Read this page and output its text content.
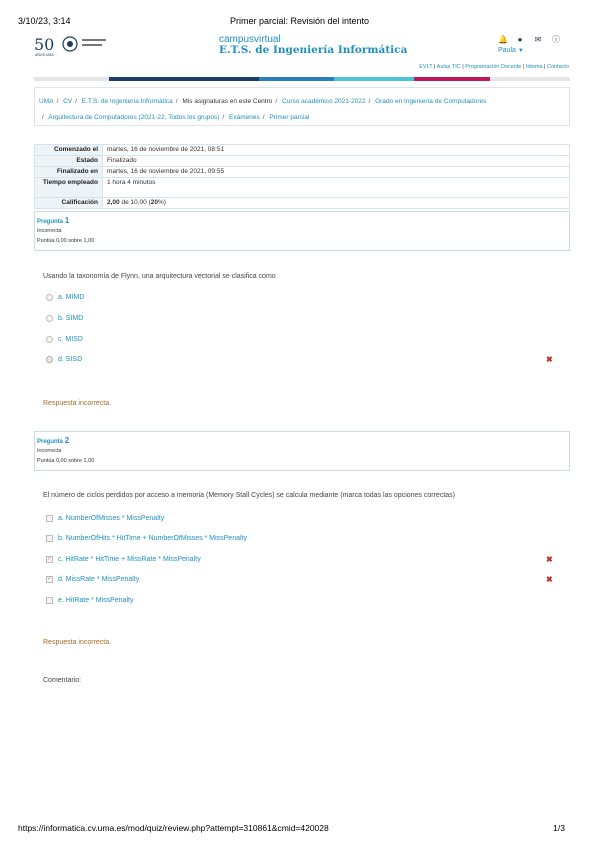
3/10/23, 3:14	Primer parcial: Revisión del intento
50
AÑOS UMA
campusvirtual
E.T.S. de Ingeniería Informática
🔔 ● ✉ ⓘ
Paula ▼
EVLT | Aulas TIC | Programación Docente | Idioma | Contacto
UMA / CV / E.T.S. de Ingeniería Informática / Mis asignaturas en este Centro / Curso académico 2021-2022 / Grado en Ingeniería de Computadores
/ Arquitectura de Computadores (2021-22, Todos los grupos) / Exámenes / Primer parcial
Comenzado el	martes, 16 de noviembre de 2021, 08:51
Estado	Finalizado
Finalizado en	martes, 16 de noviembre de 2021, 09:55
Tiempo empleado	1 hora 4 minutos
Calificación	2,00 de 10,00 (20%)
Pregunta 1
Incorrecta
Puntúa 0,00 sobre 1,00
Usando la taxonomía de Flynn, una arquitectura vectorial se clasifica como
a. MIMD
b. SIMD
c. MISD
d. SISD	✖
Respuesta incorrecta.
Pregunta 2
Incorrecta
Puntúa 0,00 sobre 1,00
El número de ciclos perdidos por acceso a memoria (Memory Stall Cycles) se calcula mediante (marca todas las opciones correctas)
a. NumberOfMisses * MissPenalty
b. NumberOfHits * HitTime + NumberOfMisses * MissPenalty
✓ c. HitRate * HitTime + MissRate * MissPenalty	✖
✓ d. MissRate * MissPenalty	✖
e. HitRate * MissPenalty
Respuesta incorrecta.
Comentario:
https://informatica.cv.uma.es/mod/quiz/review.php?attempt=310861&cmid=420028	1/3
